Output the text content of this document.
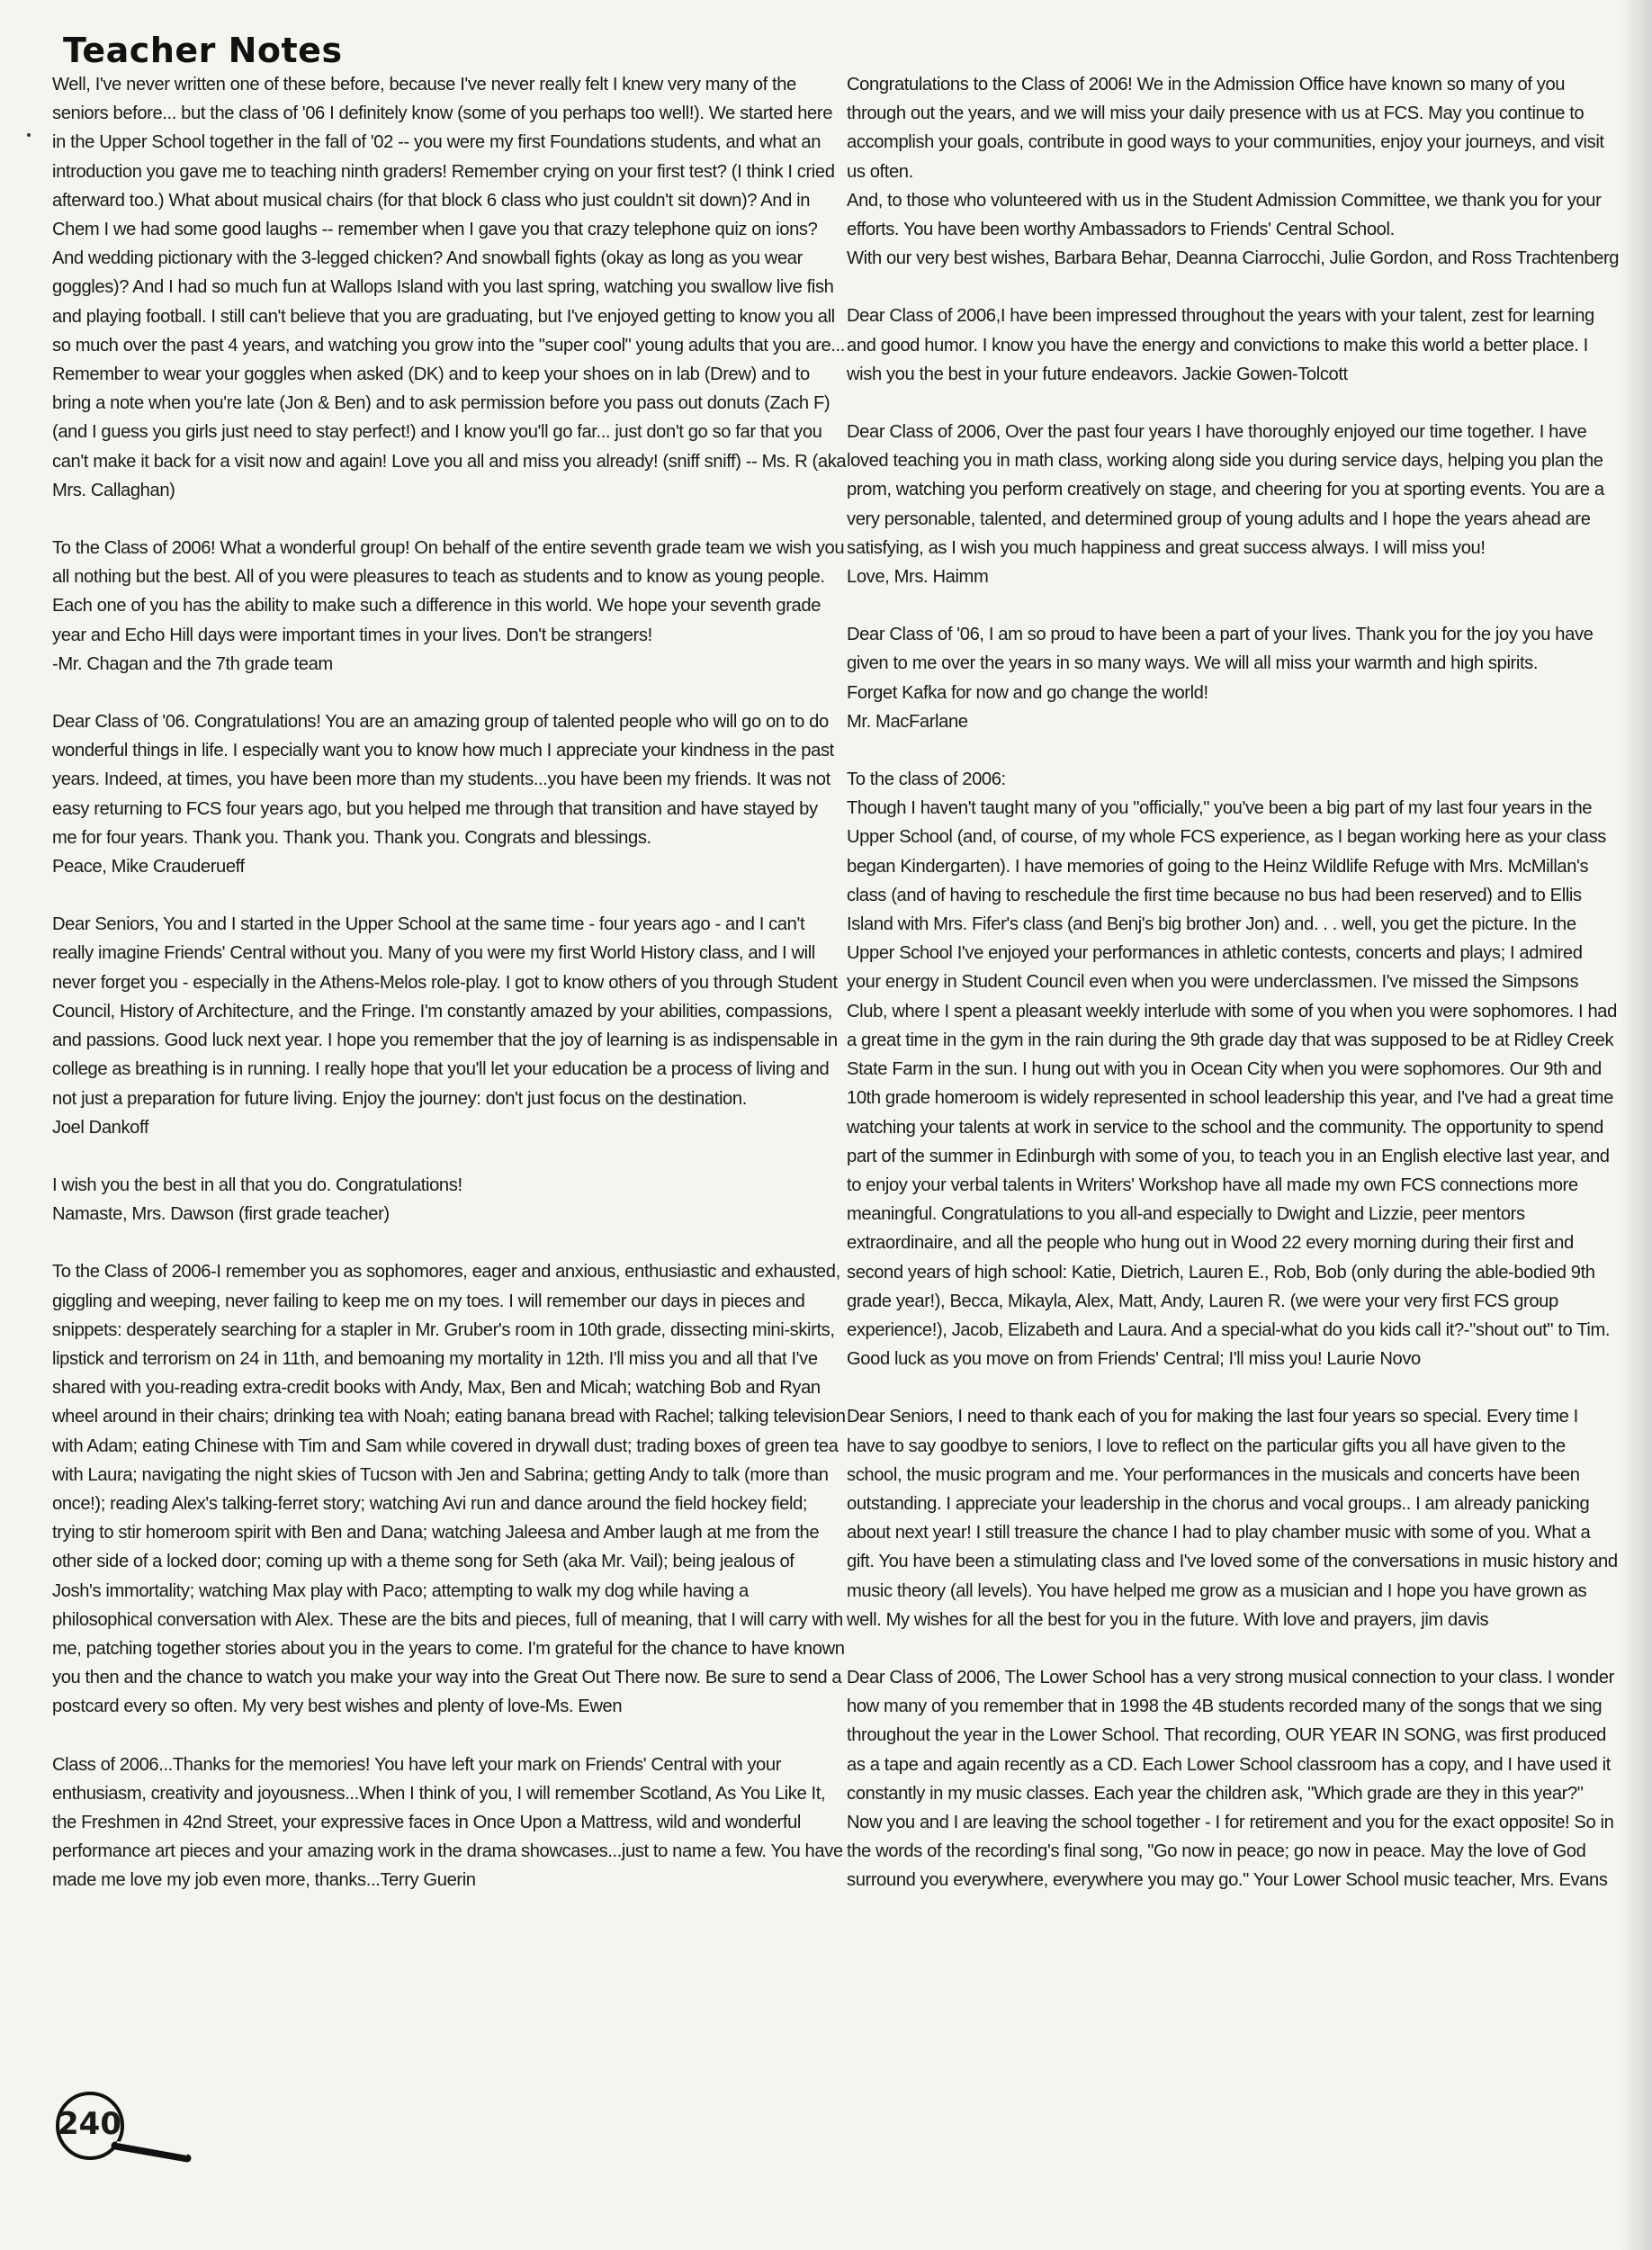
Teacher Notes

Well, I've never written one of these before, because I've never really felt I knew very many of the seniors before... but the class of '06 I definitely know (some of you perhaps too well!). We started here in the Upper School together in the fall of '02 -- you were my first Foundations students, and what an introduction you gave me to teaching ninth graders! Remember crying on your first test? (I think I cried afterward too.) What about musical chairs (for that block 6 class who just couldn't sit down)? And in Chem I we had some good laughs -- remember when I gave you that crazy telephone quiz on ions? And wedding pictionary with the 3-legged chicken? And snowball fights (okay as long as you wear goggles)? And I had so much fun at Wallops Island with you last spring, watching you swallow live fish and playing football. I still can't believe that you are graduating, but I've enjoyed getting to know you all so much over the past 4 years, and watching you grow into the "super cool" young adults that you are... Remember to wear your goggles when asked (DK) and to keep your shoes on in lab (Drew) and to bring a note when you're late (Jon & Ben) and to ask permission before you pass out donuts (Zach F) (and I guess you girls just need to stay perfect!) and I know you'll go far... just don't go so far that you can't make it back for a visit now and again! Love you all and miss you already! (sniff sniff) -- Ms. R (aka Mrs. Callaghan)

To the Class of 2006! What a wonderful group! On behalf of the entire seventh grade team we wish you all nothing but the best. All of you were pleasures to teach as students and to know as young people. Each one of you has the ability to make such a difference in this world. We hope your seventh grade year and Echo Hill days were important times in your lives. Don't be strangers!

-Mr. Chagan and the 7th grade team

Dear Class of '06. Congratulations! You are an amazing group of talented people who will go on to do wonderful things in life. I especially want you to know how much I appreciate your kindness in the past years. Indeed, at times, you have been more than my students...you have been my friends. It was not easy returning to FCS four years ago, but you helped me through that transition and have stayed by me for four years. Thank you. Thank you. Thank you. Congrats and blessings.

Peace, Mike Crauderueff

Dear Seniors, You and I started in the Upper School at the same time - four years ago - and I can't really imagine Friends' Central without you. Many of you were my first World History class, and I will never forget you - especially in the Athens-Melos role-play. I got to know others of you through Student Council, History of Architecture, and the Fringe. I'm constantly amazed by your abilities, compassions, and passions. Good luck next year. I hope you remember that the joy of learning is as indispensable in college as breathing is in running. I really hope that you'll let your education be a process of living and not just a preparation for future living. Enjoy the journey: don't just focus on the destination.

Joel Dankoff

I wish you the best in all that you do. Congratulations!

Namaste, Mrs. Dawson (first grade teacher)

To the Class of 2006-I remember you as sophomores, eager and anxious, enthusiastic and exhausted, giggling and weeping, never failing to keep me on my toes. I will remember our days in pieces and snippets: desperately searching for a stapler in Mr. Gruber's room in 10th grade, dissecting mini-skirts, lipstick and terrorism on 24 in 11th, and bemoaning my mortality in 12th. I'll miss you and all that I've shared with you-reading extra-credit books with Andy, Max, Ben and Micah; watching Bob and Ryan wheel around in their chairs; drinking tea with Noah; eating banana bread with Rachel; talking television with Adam; eating Chinese with Tim and Sam while covered in drywall dust; trading boxes of green tea with Laura; navigating the night skies of Tucson with Jen and Sabrina; getting Andy to talk (more than once!); reading Alex's talking-ferret story; watching Avi run and dance around the field hockey field; trying to stir homeroom spirit with Ben and Dana; watching Jaleesa and Amber laugh at me from the other side of a locked door; coming up with a theme song for Seth (aka Mr. Vail); being jealous of Josh's immortality; watching Max play with Paco; attempting to walk my dog while having a philosophical conversation with Alex. These are the bits and pieces, full of meaning, that I will carry with me, patching together stories about you in the years to come. I'm grateful for the chance to have known you then and the chance to watch you make your way into the Great Out There now. Be sure to send a postcard every so often. My very best wishes and plenty of love-Ms. Ewen

Class of 2006...Thanks for the memories! You have left your mark on Friends' Central with your enthusiasm, creativity and joyousness...When I think of you, I will remember Scotland, As You Like It, the Freshmen in 42nd Street, your expressive faces in Once Upon a Mattress, wild and wonderful performance art pieces and your amazing work in the drama showcases...just to name a few. You have made me love my job even more, thanks...Terry Guerin

Congratulations to the Class of 2006! We in the Admission Office have known so many of you through out the years, and we will miss your daily presence with us at FCS. May you continue to accomplish your goals, contribute in good ways to your communities, enjoy your journeys, and visit us often.

And, to those who volunteered with us in the Student Admission Committee, we thank you for your efforts. You have been worthy Ambassadors to Friends' Central School.

With our very best wishes, Barbara Behar, Deanna Ciarrocchi, Julie Gordon, and Ross Trachtenberg

Dear Class of 2006,I have been impressed throughout the years with your talent, zest for learning and good humor. I know you have the energy and convictions to make this world a better place. I wish you the best in your future endeavors. Jackie Gowen-Tolcott

Dear Class of 2006, Over the past four years I have thoroughly enjoyed our time together. I have loved teaching you in math class, working along side you during service days, helping you plan the prom, watching you perform creatively on stage, and cheering for you at sporting events. You are a very personable, talented, and determined group of young adults and I hope the years ahead are satisfying, as I wish you much happiness and great success always. I will miss you!

Love, Mrs. Haimm

Dear Class of '06, I am so proud to have been a part of your lives. Thank you for the joy you have given to me over the years in so many ways. We will all miss your warmth and high spirits.

Forget Kafka for now and go change the world!

Mr. MacFarlane

To the class of 2006:

Though I haven't taught many of you "officially," you've been a big part of my last four years in the Upper School (and, of course, of my whole FCS experience, as I began working here as your class began Kindergarten). I have memories of going to the Heinz Wildlife Refuge with Mrs. McMillan's class (and of having to reschedule the first time because no bus had been reserved) and to Ellis Island with Mrs. Fifer's class (and Benj's big brother Jon) and. . . well, you get the picture. In the Upper School I've enjoyed your performances in athletic contests, concerts and plays; I admired your energy in Student Council even when you were underclassmen. I've missed the Simpsons Club, where I spent a pleasant weekly interlude with some of you when you were sophomores. I had a great time in the gym in the rain during the 9th grade day that was supposed to be at Ridley Creek State Farm in the sun. I hung out with you in Ocean City when you were sophomores. Our 9th and 10th grade homeroom is widely represented in school leadership this year, and I've had a great time watching your talents at work in service to the school and the community. The opportunity to spend part of the summer in Edinburgh with some of you, to teach you in an English elective last year, and to enjoy your verbal talents in Writers' Workshop have all made my own FCS connections more meaningful. Congratulations to you all-and especially to Dwight and Lizzie, peer mentors extraordinaire, and all the people who hung out in Wood 22 every morning during their first and second years of high school: Katie, Dietrich, Lauren E., Rob, Bob (only during the able-bodied 9th grade year!), Becca, Mikayla, Alex, Matt, Andy, Lauren R. (we were your very first FCS group experience!), Jacob, Elizabeth and Laura. And a special-what do you kids call it?-"shout out" to Tim. Good luck as you move on from Friends' Central; I'll miss you! Laurie Novo

Dear Seniors, I need to thank each of you for making the last four years so special. Every time I have to say goodbye to seniors, I love to reflect on the particular gifts you all have given to the school, the music program and me. Your performances in the musicals and concerts have been outstanding. I appreciate your leadership in the chorus and vocal groups.. I am already panicking about next year! I still treasure the chance I had to play chamber music with some of you. What a gift. You have been a stimulating class and I've loved some of the conversations in music history and music theory (all levels). You have helped me grow as a musician and I hope you have grown as well. My wishes for all the best for you in the future. With love and prayers, jim davis

Dear Class of 2006, The Lower School has a very strong musical connection to your class. I wonder how many of you remember that in 1998 the 4B students recorded many of the songs that we sing throughout the year in the Lower School. That recording, OUR YEAR IN SONG, was first produced as a tape and again recently as a CD. Each Lower School classroom has a copy, and I have used it constantly in my music classes. Each year the children ask, "Which grade are they in this year?" Now you and I are leaving the school together - I for retirement and you for the exact opposite! So in the words of the recording's final song, "Go now in peace; go now in peace. May the love of God surround you everywhere, everywhere you may go." Your Lower School music teacher, Mrs. Evans

240
